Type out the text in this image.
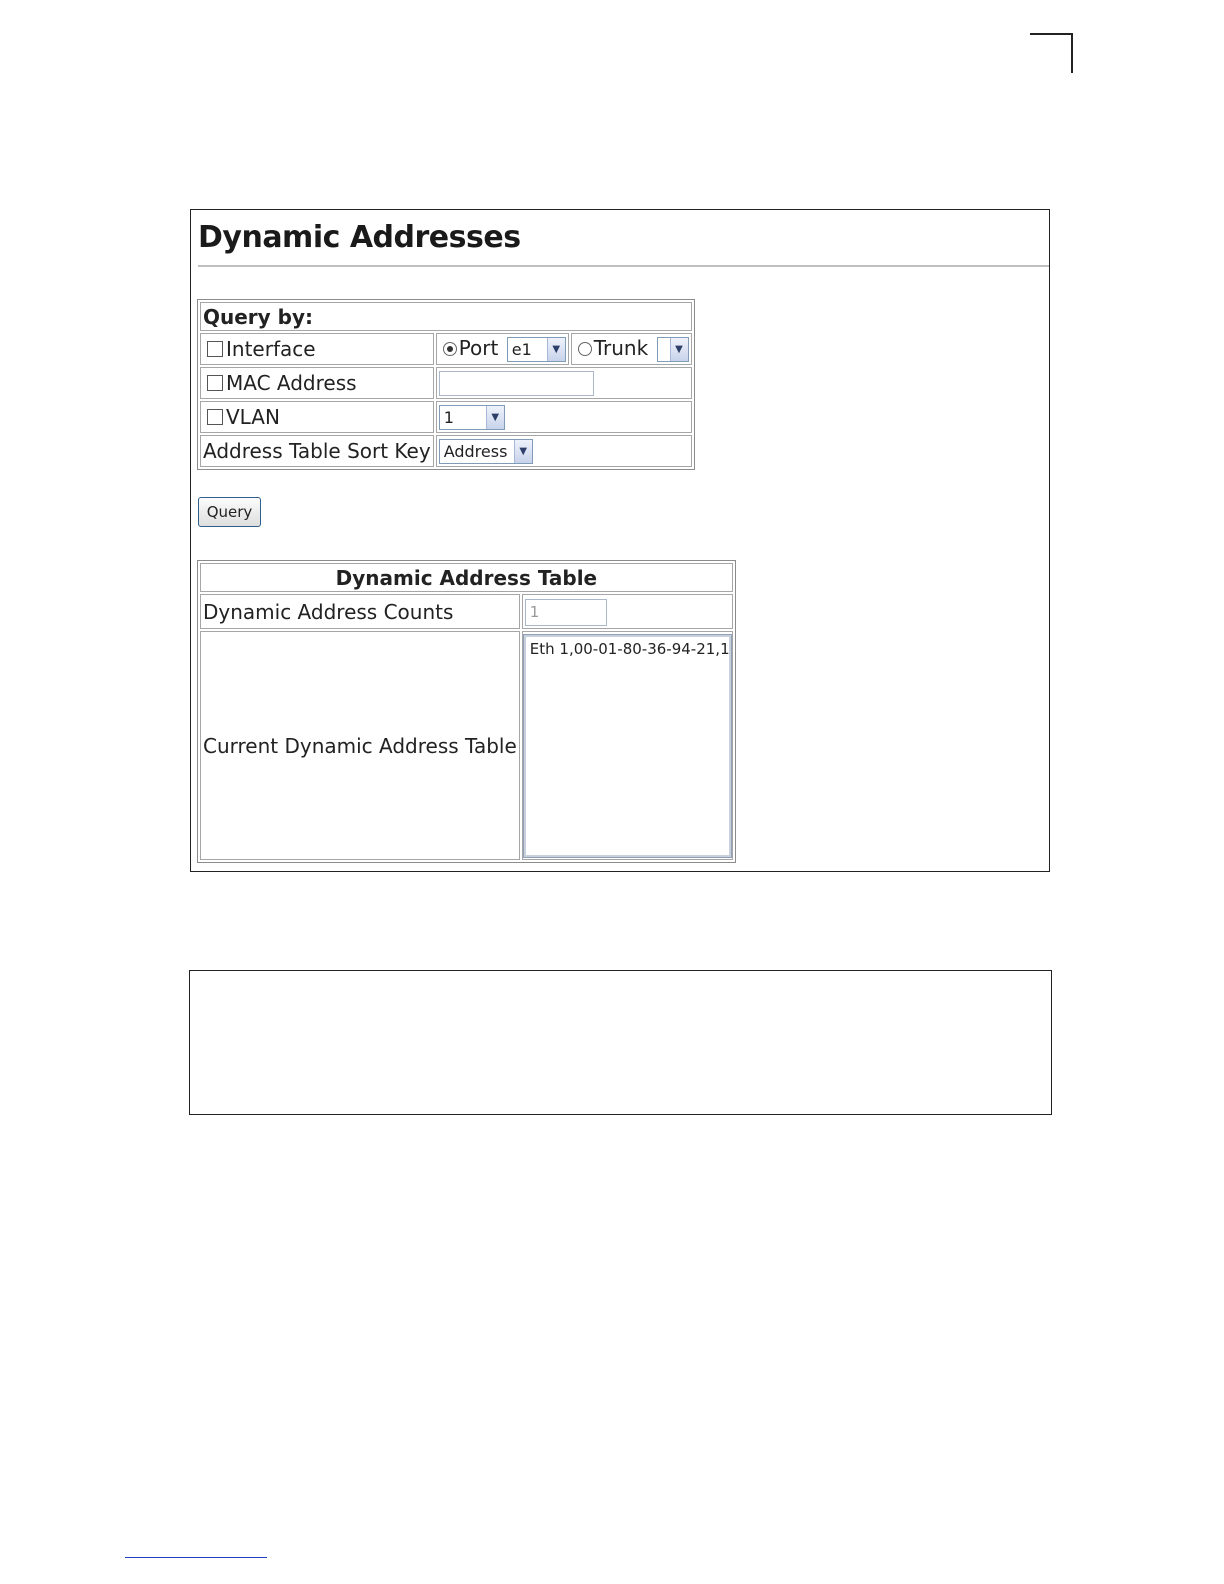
Dynamic Addresses
Query by:		
Interface	Port e1 ▼	Trunk ▼

MAC Address		
VLAN	1 ▼	

Address Table Sort Key	Address ▼	
Query
Dynamic Address Table	
Dynamic Address Counts	1
Current Dynamic Address Table	Eth 1,00-01-80-36-94-21,1
